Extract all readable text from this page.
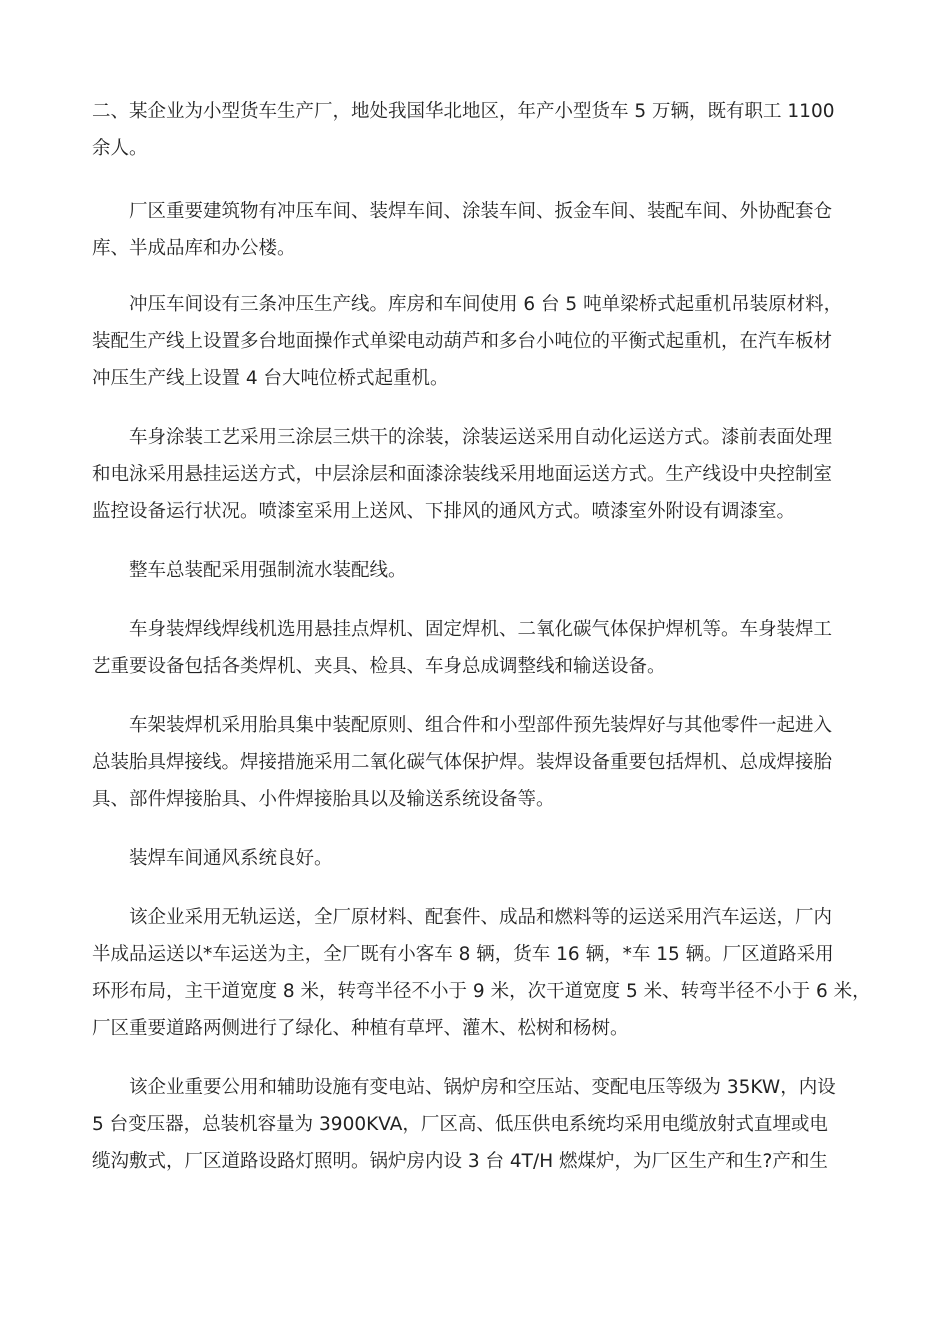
二、某企业为小型货车生产厂，地处我国华北地区，年产小型货车 5 万辆，既有职工 1100
余人。

厂区重要建筑物有冲压车间、装焊车间、涂装车间、扳金车间、装配车间、外协配套仓
库、半成品库和办公楼。

冲压车间设有三条冲压生产线。库房和车间使用 6 台 5 吨单梁桥式起重机吊装原材料，
装配生产线上设置多台地面操作式单梁电动葫芦和多台小吨位的平衡式起重机，在汽车板材
冲压生产线上设置 4 台大吨位桥式起重机。

车身涂装工艺采用三涂层三烘干的涂装，涂装运送采用自动化运送方式。漆前表面处理
和电泳采用悬挂运送方式，中层涂层和面漆涂装线采用地面运送方式。生产线设中央控制室
监控设备运行状况。喷漆室采用上送风、下排风的通风方式。喷漆室外附设有调漆室。

整车总装配采用强制流水装配线。

车身装焊线焊线机选用悬挂点焊机、固定焊机、二氧化碳气体保护焊机等。车身装焊工
艺重要设备包括各类焊机、夹具、检具、车身总成调整线和输送设备。

车架装焊机采用胎具集中装配原则、组合件和小型部件预先装焊好与其他零件一起进入
总装胎具焊接线。焊接措施采用二氧化碳气体保护焊。装焊设备重要包括焊机、总成焊接胎
具、部件焊接胎具、小件焊接胎具以及输送系统设备等。

装焊车间通风系统良好。

该企业采用无轨运送，全厂原材料、配套件、成品和燃料等的运送采用汽车运送，厂内
半成品运送以*车运送为主，全厂既有小客车 8 辆，货车 16 辆，*车 15 辆。厂区道路采用
环形布局，主干道宽度 8 米，转弯半径不小于 9 米，次干道宽度 5 米、转弯半径不小于 6 米，
厂区重要道路两侧进行了绿化、种植有草坪、灌木、松树和杨树。

该企业重要公用和辅助设施有变电站、锅炉房和空压站、变配电压等级为 35KW，内设
5 台变压器，总装机容量为 3900KVA，厂区高、低压供电系统均采用电缆放射式直埋或电
缆沟敷式，厂区道路设路灯照明。锅炉房内设 3 台 4T/H 燃煤炉，为厂区生产和生?产和生
